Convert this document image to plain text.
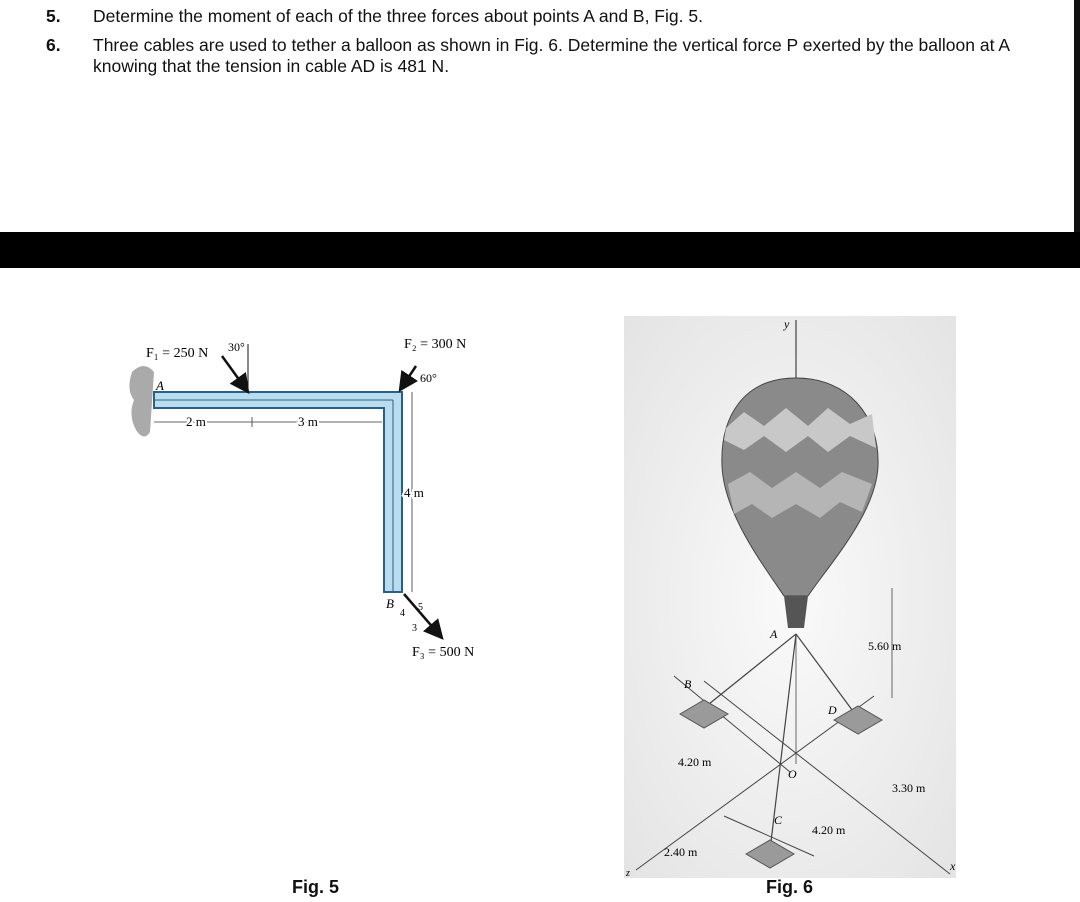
5.	Determine the moment of each of the three forces about points A and B, Fig. 5.
6.	Three cables are used to tether a balloon as shown in Fig. 6. Determine the vertical force P exerted by the balloon at A
knowing that the tension in cable AD is 481 N.
A
B
F₁ = 250 N 30°	F₂ = 300 N
60°
2 m	3 m
4 m
5
4
3
F₃ = 500 N
Fig. 5
y
A
B
D
C
O
5.60 m
4.20 m
3.30 m
4.20 m
2.40 m
x
z
Fig. 6
